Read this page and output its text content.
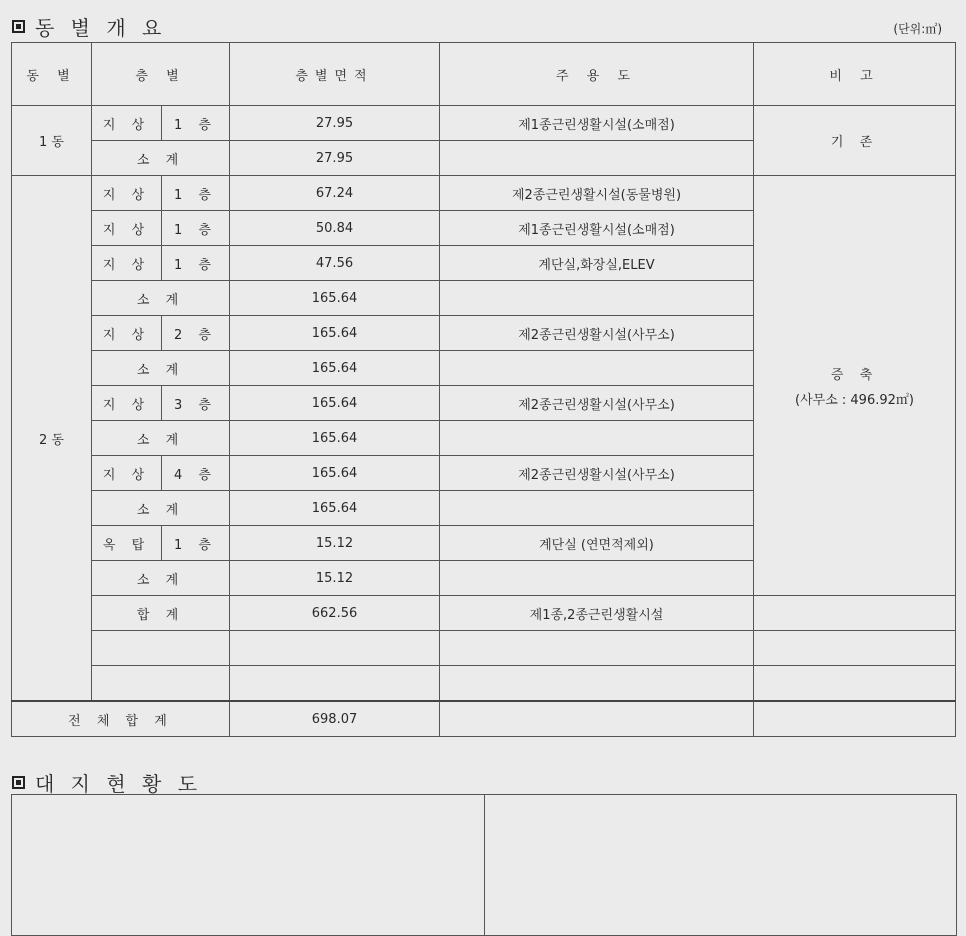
동 별 개 요	(단위:㎡)
동 별	층 별		층별면적	주 용 도	비 고
1 동	지 상	1 층	27.95	제1종근린생활시설(소매점)	기 존
	소 계		27.95		
2 동	지 상	1 층	67.24	제2종근린생활시설(동물병원)	증 축
(사무소 : 496.92㎡)

	지 상	1 층	50.84	제1종근린생활시설(소매점)	
	지 상	1 층	47.56	계단실,화장실,ELEV	
	소 계		165.64		
	지 상	2 층	165.64	제2종근린생활시설(사무소)	
	소 계		165.64		
	지 상	3 층	165.64	제2종근린생활시설(사무소)	
	소 계		165.64		
	지 상	4 층	165.64	제2종근린생활시설(사무소)	
	소 계		165.64		
	옥 탑	1 층	15.12	계단실 (연면적제외)	
	소 계		15.12		
	합 계		662.56	제1종,2종근린생활시설	

전 체 합 계			698.07		
대 지 현 황 도
